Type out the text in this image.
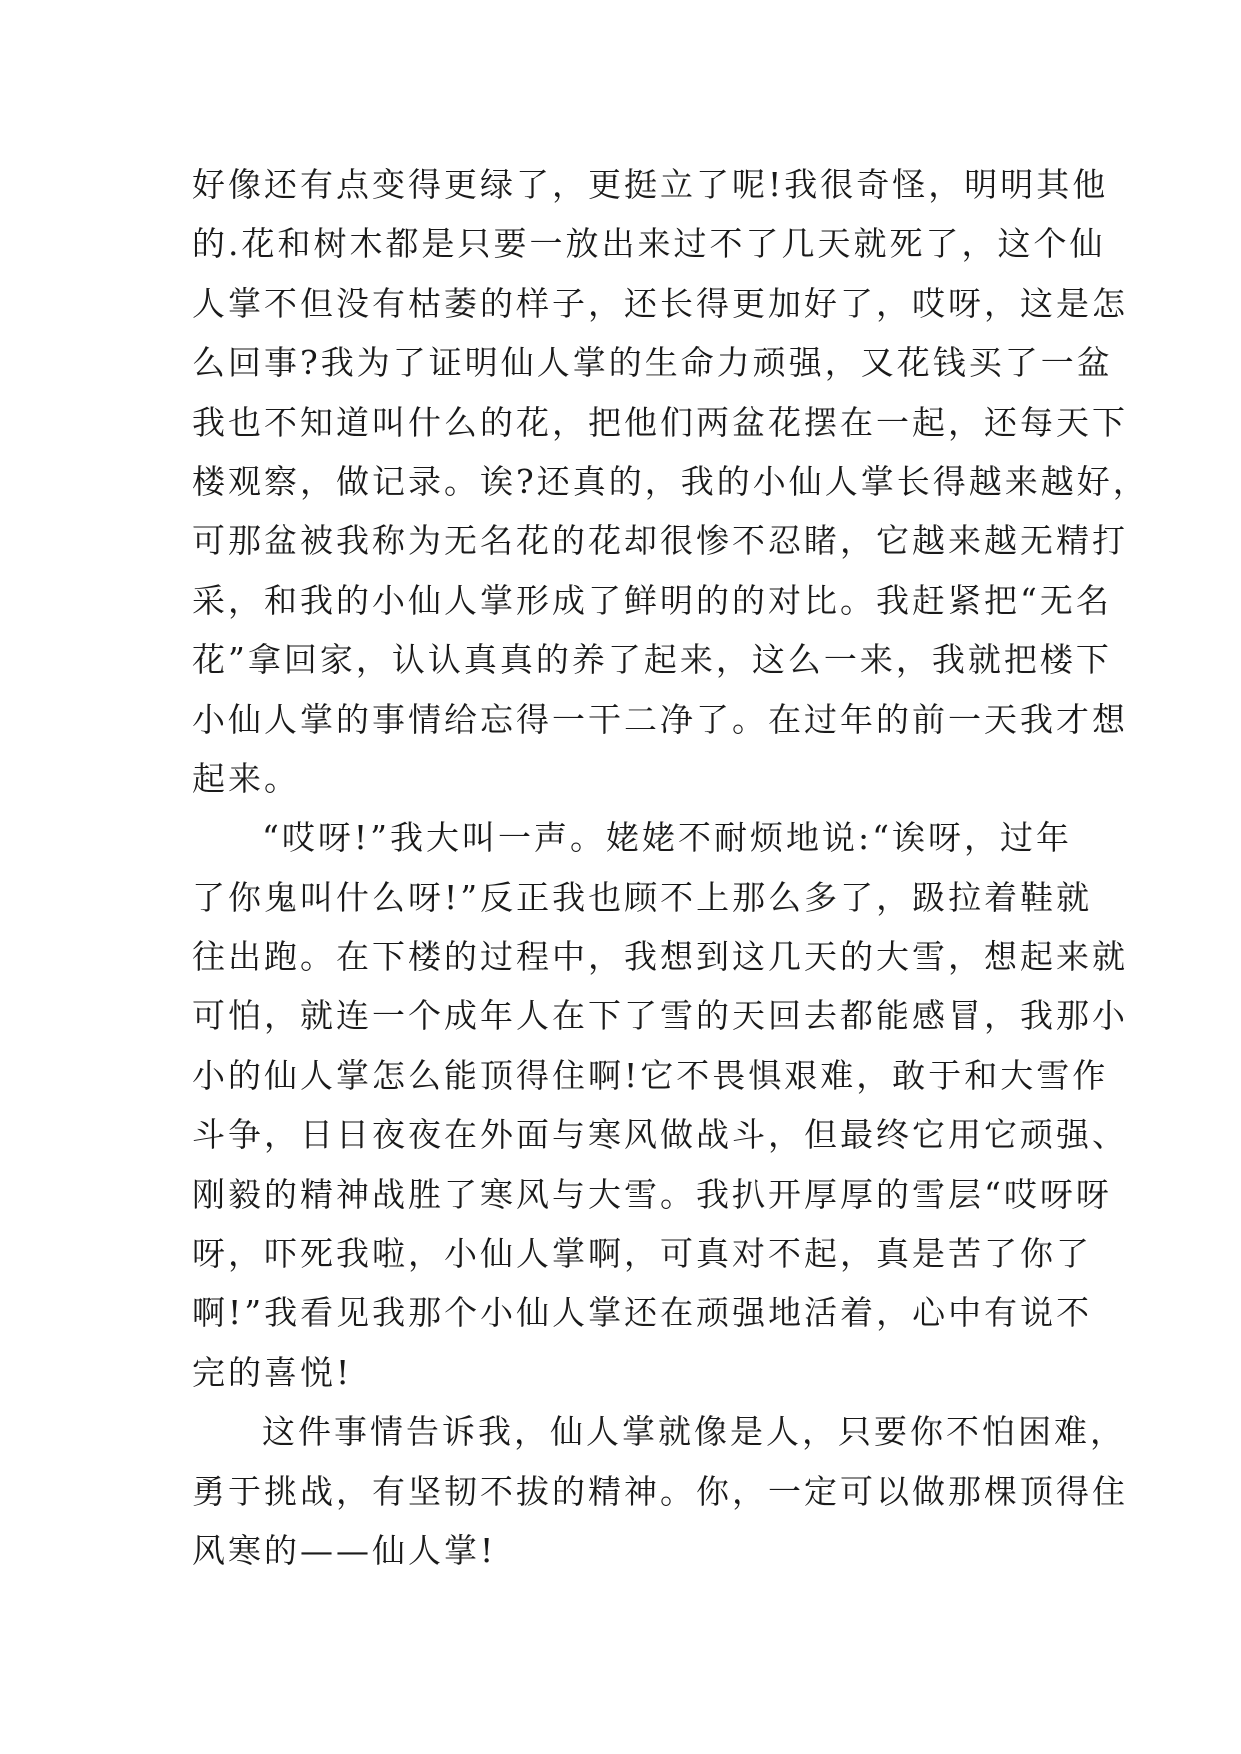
好像还有点变得更绿了，更挺立了呢!我很奇怪，明明其他
的.花和树木都是只要一放出来过不了几天就死了，这个仙
人掌不但没有枯萎的样子，还长得更加好了，哎呀，这是怎
么回事?我为了证明仙人掌的生命力顽强，又花钱买了一盆
我也不知道叫什么的花，把他们两盆花摆在一起，还每天下
楼观察，做记录。诶?还真的，我的小仙人掌长得越来越好，
可那盆被我称为无名花的花却很惨不忍睹，它越来越无精打
采，和我的小仙人掌形成了鲜明的的对比。我赶紧把“无名
花”拿回家，认认真真的养了起来，这么一来，我就把楼下
小仙人掌的事情给忘得一干二净了。在过年的前一天我才想
起来。
“哎呀!”我大叫一声。姥姥不耐烦地说:“诶呀，过年
了你鬼叫什么呀!”反正我也顾不上那么多了，趿拉着鞋就
往出跑。在下楼的过程中，我想到这几天的大雪，想起来就
可怕，就连一个成年人在下了雪的天回去都能感冒，我那小
小的仙人掌怎么能顶得住啊!它不畏惧艰难，敢于和大雪作
斗争，日日夜夜在外面与寒风做战斗，但最终它用它顽强、
刚毅的精神战胜了寒风与大雪。我扒开厚厚的雪层“哎呀呀
呀，吓死我啦，小仙人掌啊，可真对不起，真是苦了你了
啊!”我看见我那个小仙人掌还在顽强地活着，心中有说不
完的喜悦!
这件事情告诉我，仙人掌就像是人，只要你不怕困难，
勇于挑战，有坚韧不拔的精神。你，一定可以做那棵顶得住
风寒的——仙人掌!
